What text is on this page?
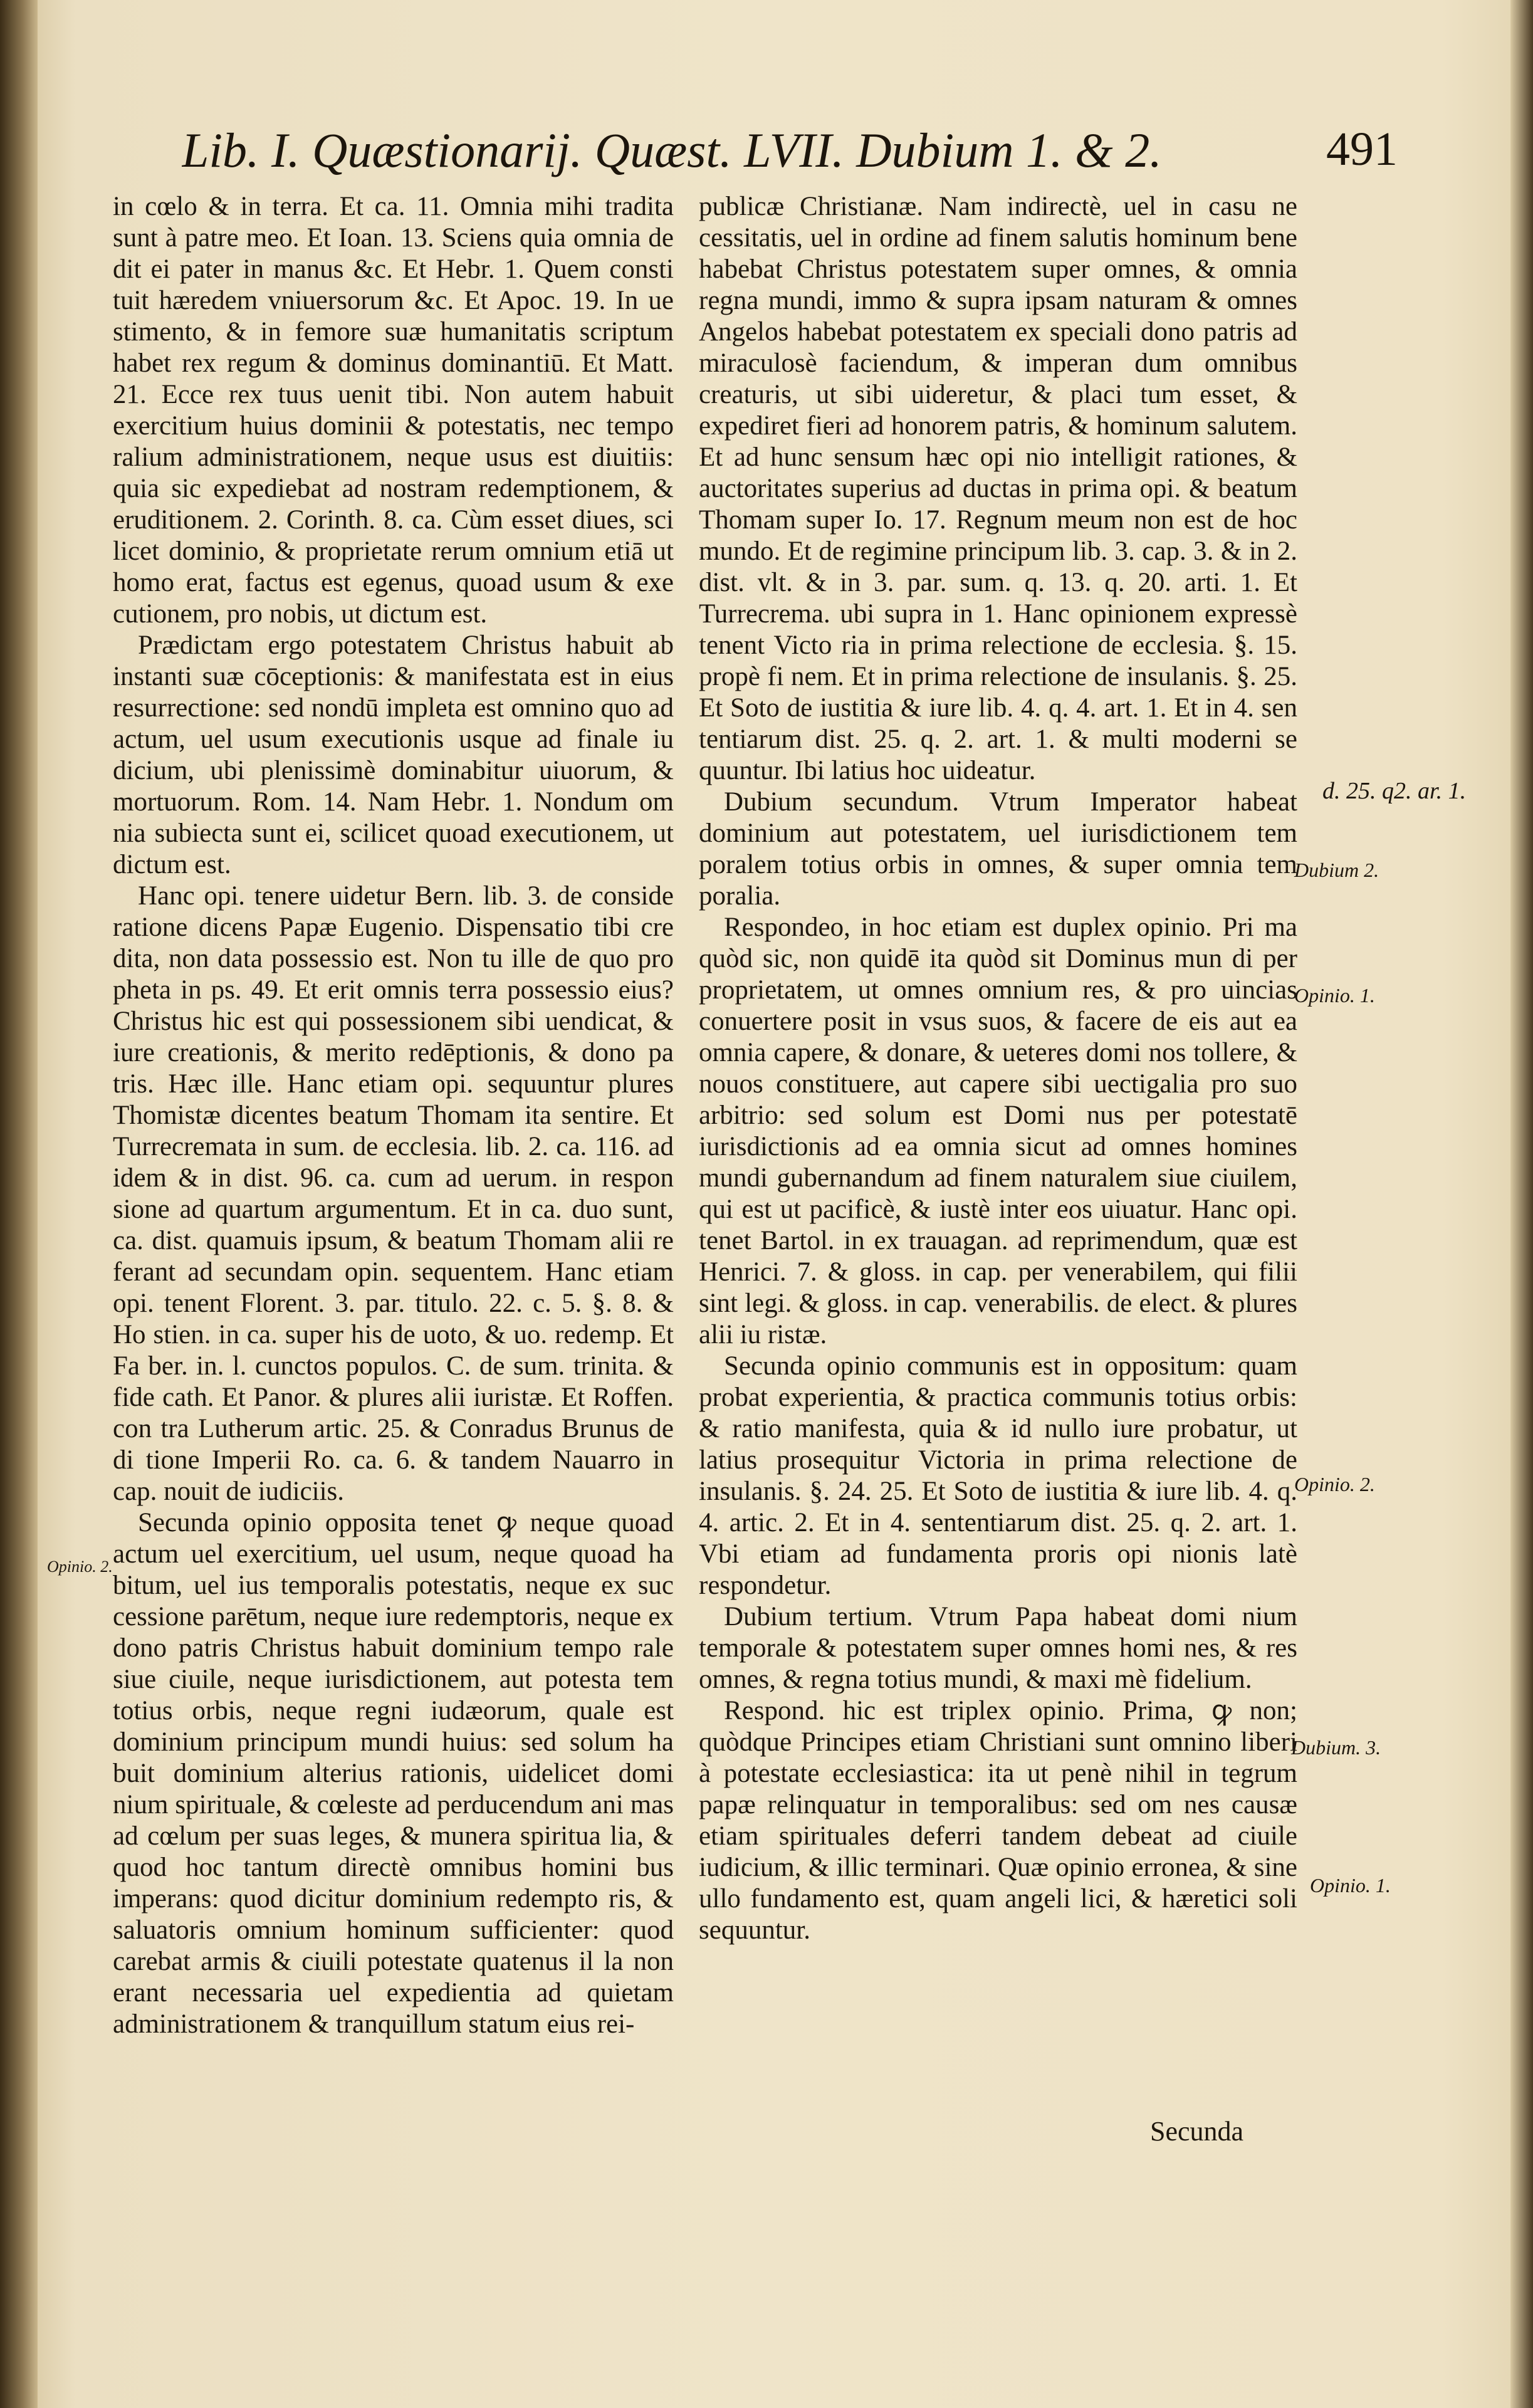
Lib. I. Quæstionarij. Quæst. LVII. Dubium 1. & 2.	491

in cœlo & in terra. Et ca. 11. Omnia mihi tradita sunt à patre meo. Et Ioan. 13. Sciens quia omnia de dit ei pater in manus &c. Et Hebr. 1. Quem consti tuit hæredem vniuersorum &c. Et Apoc. 19. In ue stimento, & in femore suæ humanitatis scriptum habet rex regum & dominus dominantiū. Et Matt. 21. Ecce rex tuus uenit tibi. Non autem habuit exercitium huius dominii & potestatis, nec tempo ralium administrationem, neque usus est diuitiis: quia sic expediebat ad nostram redemptionem, & eruditionem. 2. Corinth. 8. ca. Cùm esset diues, sci licet dominio, & proprietate rerum omnium etiā ut homo erat, factus est egenus, quoad usum & exe cutionem, pro nobis, ut dictum est.

Prædictam ergo potestatem Christus habuit ab instanti suæ cōceptionis: & manifestata est in eius resurrectione: sed nondū impleta est omnino quo ad actum, uel usum executionis usque ad finale iu dicium, ubi plenissimè dominabitur uiuorum, & mortuorum. Rom. 14. Nam Hebr. 1. Nondum om nia subiecta sunt ei, scilicet quoad executionem, ut dictum est.

Hanc opi. tenere uidetur Bern. lib. 3. de conside ratione dicens Papæ Eugenio. Dispensatio tibi cre dita, non data possessio est. Non tu ille de quo pro pheta in ps. 49. Et erit omnis terra possessio eius? Christus hic est qui possessionem sibi uendicat, & iure creationis, & merito redēptionis, & dono pa tris. Hæc ille. Hanc etiam opi. sequuntur plures Thomistæ dicentes beatum Thomam ita sentire. Et Turrecremata in sum. de ecclesia. lib. 2. ca. 116. ad idem & in dist. 96. ca. cum ad uerum. in respon sione ad quartum argumentum. Et in ca. duo sunt, ca. dist. quamuis ipsum, & beatum Thomam alii re ferant ad secundam opin. sequentem. Hanc etiam opi. tenent Florent. 3. par. titulo. 22. c. 5. §. 8. & Ho stien. in ca. super his de uoto, & uo. redemp. Et Fa ber. in. l. cunctos populos. C. de sum. trinita. & fide cath. Et Panor. & plures alii iuristæ. Et Roffen. con tra Lutherum artic. 25. & Conradus Brunus de di tione Imperii Ro. ca. 6. & tandem Nauarro in cap. nouit de iudiciis.

Secunda opinio opposita tenet ꝙ neque quoad actum uel exercitium, uel usum, neque quoad ha bitum, uel ius temporalis potestatis, neque ex suc cessione parētum, neque iure redemptoris, neque ex dono patris Christus habuit dominium tempo rale siue ciuile, neque iurisdictionem, aut potesta tem totius orbis, neque regni iudæorum, quale est dominium principum mundi huius: sed solum ha buit dominium alterius rationis, uidelicet domi nium spirituale, & cœleste ad perducendum ani mas ad cœlum per suas leges, & munera spiritua lia, & quod hoc tantum directè omnibus homini bus imperans: quod dicitur dominium redempto ris, & saluatoris omnium hominum sufficienter: quod carebat armis & ciuili potestate quatenus il la non erant necessaria uel expedientia ad quietam administrationem & tranquillum statum eius rei-

publicæ Christianæ. Nam indirectè, uel in casu ne cessitatis, uel in ordine ad finem salutis hominum bene habebat Christus potestatem super omnes, & omnia regna mundi, immo & supra ipsam naturam & omnes Angelos habebat potestatem ex speciali dono patris ad miraculosè faciendum, & imperan dum omnibus creaturis, ut sibi uideretur, & placi tum esset, & expediret fieri ad honorem patris, & hominum salutem. Et ad hunc sensum hæc opi nio intelligit rationes, & auctoritates superius ad ductas in prima opi. & beatum Thomam super Io. 17. Regnum meum non est de hoc mundo. Et de regimine principum lib. 3. cap. 3. & in 2. dist. vlt. & in 3. par. sum. q. 13. q. 20. arti. 1. Et Turrecrema. ubi supra in 1. Hanc opinionem expressè tenent Victo ria in prima relectione de ecclesia. §. 15. propè fi nem. Et in prima relectione de insulanis. §. 25. Et Soto de iustitia & iure lib. 4. q. 4. art. 1. Et in 4. sen tentiarum dist. 25. q. 2. art. 1. & multi moderni se quuntur. Ibi latius hoc uideatur.

Dubium secundum. Vtrum Imperator habeat dominium aut potestatem, uel iurisdictionem tem poralem totius orbis in omnes, & super omnia tem poralia.

Respondeo, in hoc etiam est duplex opinio. Pri ma quòd sic, non quidē ita quòd sit Dominus mun di per proprietatem, ut omnes omnium res, & pro uincias conuertere posit in vsus suos, & facere de eis aut ea omnia capere, & donare, & ueteres domi nos tollere, & nouos constituere, aut capere sibi uectigalia pro suo arbitrio: sed solum est Domi nus per potestatē iurisdictionis ad ea omnia sicut ad omnes homines mundi gubernandum ad finem naturalem siue ciuilem, qui est ut pacificè, & iustè inter eos uiuatur. Hanc opi. tenet Bartol. in ex trauagan. ad reprimendum, quæ est Henrici. 7. & gloss. in cap. per venerabilem, qui filii sint legi. & gloss. in cap. venerabilis. de elect. & plures alii iu ristæ.

Secunda opinio communis est in oppositum: quam probat experientia, & practica communis totius orbis: & ratio manifesta, quia & id nullo iure probatur, ut latius prosequitur Victoria in prima relectione de insulanis. §. 24. 25. Et Soto de iustitia & iure lib. 4. q. 4. artic. 2. Et in 4. sententiarum dist. 25. q. 2. art. 1. Vbi etiam ad fundamenta proris opi nionis latè respondetur.

Dubium tertium. Vtrum Papa habeat domi nium temporale & potestatem super omnes homi nes, & res omnes, & regna totius mundi, & maxi mè fidelium.

Respond. hic est triplex opinio. Prima, ꝙ non; quòdque Principes etiam Christiani sunt omnino liberi à potestate ecclesiastica: ita ut penè nihil in tegrum papæ relinquatur in temporalibus: sed om nes causæ etiam spirituales deferri tandem debeat ad ciuile iudicium, & illic terminari. Quæ opinio erronea, & sine ullo fundamento est, quam angeli lici, & hæretici soli sequuntur.

d. 25. q2. ar. 1.
Dubium 2.
Opinio. 1.
Opinio. 2.
Dubium. 3.
Opinio. 1.
Opinio. 2.
Secunda
